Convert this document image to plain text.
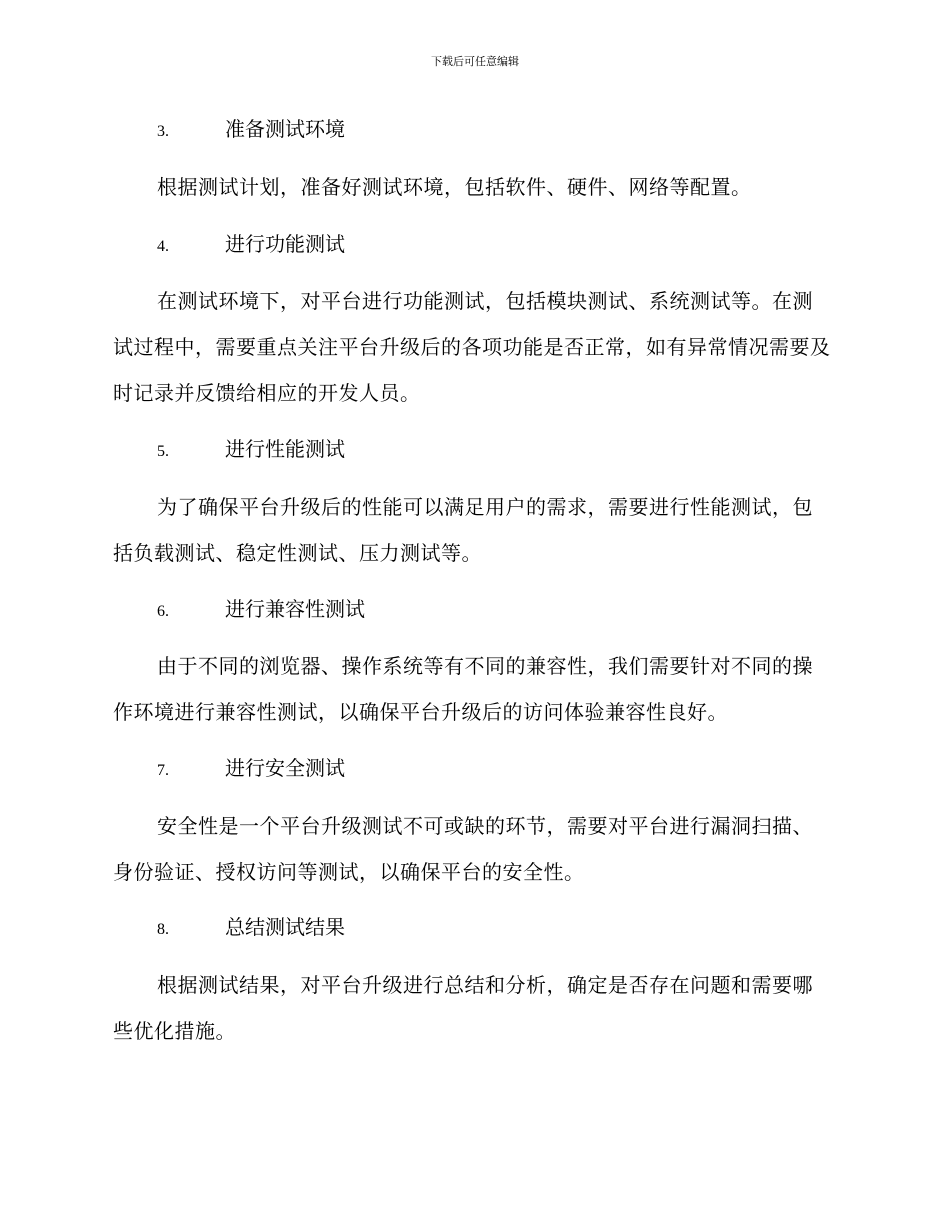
下载后可任意编辑
3.	准备测试环境
根据测试计划，准备好测试环境，包括软件、硬件、网络等配置。
4.	进行功能测试
在测试环境下，对平台进行功能测试，包括模块测试、系统测试等。在测试过程中，需要重点关注平台升级后的各项功能是否正常，如有异常情况需要及时记录并反馈给相应的开发人员。
5.	进行性能测试
为了确保平台升级后的性能可以满足用户的需求，需要进行性能测试，包括负载测试、稳定性测试、压力测试等。
6.	进行兼容性测试
由于不同的浏览器、操作系统等有不同的兼容性，我们需要针对不同的操作环境进行兼容性测试，以确保平台升级后的访问体验兼容性良好。
7.	进行安全测试
安全性是一个平台升级测试不可或缺的环节，需要对平台进行漏洞扫描、身份验证、授权访问等测试，以确保平台的安全性。
8.	总结测试结果
根据测试结果，对平台升级进行总结和分析，确定是否存在问题和需要哪些优化措施。
